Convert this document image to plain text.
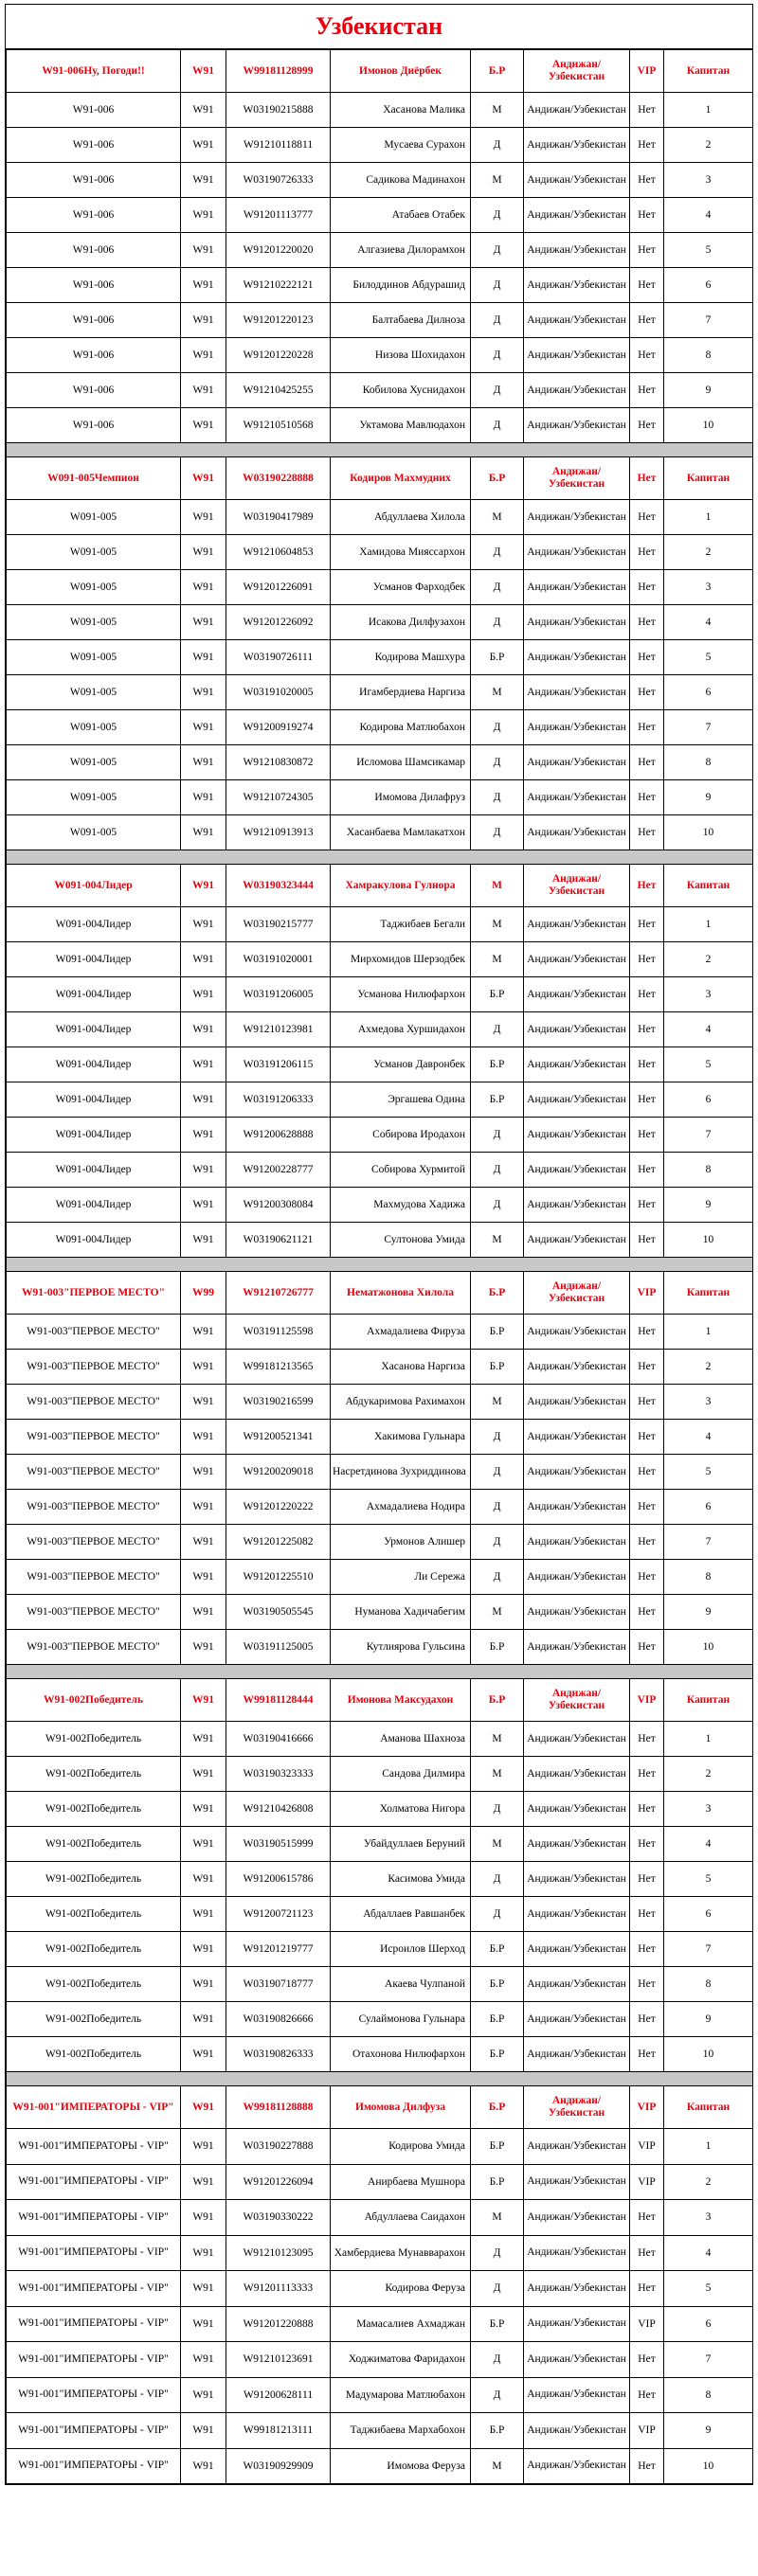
Узбекистан
W91-006Ну, Погоди!!	W91	W99181128999	Имонов Диёрбек	Б.Р	Андижан/Узбекистан	VIP	Капитан
W91-006	W91	W03190215888	Хасанова Малика	М	Андижан/Узбекистан	Нет	1
W91-006	W91	W91210118811	Мусаева Сурахон	Д	Андижан/Узбекистан	Нет	2
W91-006	W91	W03190726333	Садикова Мадинахон	М	Андижан/Узбекистан	Нет	3
W91-006	W91	W91201113777	Атабаев Отабек	Д	Андижан/Узбекистан	Нет	4
W91-006	W91	W91201220020	Алгазиева Дилорамхон	Д	Андижан/Узбекистан	Нет	5
W91-006	W91	W91210222121	Билоддинов Абдурашид	Д	Андижан/Узбекистан	Нет	6
W91-006	W91	W91201220123	Балтабаева Дилноза	Д	Андижан/Узбекистан	Нет	7
W91-006	W91	W91201220228	Низова Шохидахон	Д	Андижан/Узбекистан	Нет	8
W91-006	W91	W91210425255	Кобилова Хуснидахон	Д	Андижан/Узбекистан	Нет	9
W91-006	W91	W91210510568	Уктамова Мавлюдахон	Д	Андижан/Узбекистан	Нет	10

W091-005Чемпион	W91	W03190228888	Кодиров Махмудних	Б.Р	Андижан/Узбекистан	Нет	Капитан
W091-005	W91	W03190417989	Абдуллаева Хилола	М	Андижан/Узбекистан	Нет	1
W091-005	W91	W91210604853	Хамидова Мияссархон	Д	Андижан/Узбекистан	Нет	2
W091-005	W91	W91201226091	Усманов Фарходбек	Д	Андижан/Узбекистан	Нет	3
W091-005	W91	W91201226092	Исакова Дилфузахон	Д	Андижан/Узбекистан	Нет	4
W091-005	W91	W03190726111	Кодирова Машхура	Б.Р	Андижан/Узбекистан	Нет	5
W091-005	W91	W03191020005	Игамбердиева Наргиза	М	Андижан/Узбекистан	Нет	6
W091-005	W91	W91200919274	Кодирова Матлюбахон	Д	Андижан/Узбекистан	Нет	7
W091-005	W91	W91210830872	Исломова Шамсикамар	Д	Андижан/Узбекистан	Нет	8
W091-005	W91	W91210724305	Имомова Дилафруз	Д	Андижан/Узбекистан	Нет	9
W091-005	W91	W91210913913	Хасанбаева Мамлакатхон	Д	Андижан/Узбекистан	Нет	10

W091-004Лидер	W91	W03190323444	Хамракулова Гулнора	М	Андижан/Узбекистан	Нет	Капитан
W091-004Лидер	W91	W03190215777	Таджибаев Бегали	М	Андижан/Узбекистан	Нет	1
W091-004Лидер	W91	W03191020001	Мирхомидов Шерзодбек	М	Андижан/Узбекистан	Нет	2
W091-004Лидер	W91	W03191206005	Усманова Нилюфархон	Б.Р	Андижан/Узбекистан	Нет	3
W091-004Лидер	W91	W91210123981	Ахмедова Хуршидахон	Д	Андижан/Узбекистан	Нет	4
W091-004Лидер	W91	W03191206115	Усманов Давронбек	Б.Р	Андижан/Узбекистан	Нет	5
W091-004Лидер	W91	W03191206333	Эргашева Одина	Б.Р	Андижан/Узбекистан	Нет	6
W091-004Лидер	W91	W91200628888	Собирова Иродахон	Д	Андижан/Узбекистан	Нет	7
W091-004Лидер	W91	W91200228777	Собирова Хурмитой	Д	Андижан/Узбекистан	Нет	8
W091-004Лидер	W91	W91200308084	Махмудова Хадижа	Д	Андижан/Узбекистан	Нет	9
W091-004Лидер	W91	W03190621121	Султонова Умида	М	Андижан/Узбекистан	Нет	10

W91-003"ПЕРВОЕ МЕСТО"	W99	W91210726777	Нематжонова Хилола	Б.Р	Андижан/Узбекистан	VIP	Капитан
W91-003"ПЕРВОЕ МЕСТО"	W91	W03191125598	Ахмадалиева Фируза	Б.Р	Андижан/Узбекистан	Нет	1
W91-003"ПЕРВОЕ МЕСТО"	W91	W99181213565	Хасанова Наргиза	Б.Р	Андижан/Узбекистан	Нет	2
W91-003"ПЕРВОЕ МЕСТО"	W91	W03190216599	Абдукаримова Рахимахон	М	Андижан/Узбекистан	Нет	3
W91-003"ПЕРВОЕ МЕСТО"	W91	W91200521341	Хакимова Гульнара	Д	Андижан/Узбекистан	Нет	4
W91-003"ПЕРВОЕ МЕСТО"	W91	W91200209018	Насретдинова Зухриддинова	Д	Андижан/Узбекистан	Нет	5
W91-003"ПЕРВОЕ МЕСТО"	W91	W91201220222	Ахмадалиева Нодира	Д	Андижан/Узбекистан	Нет	6
W91-003"ПЕРВОЕ МЕСТО"	W91	W91201225082	Урмонов Алишер	Д	Андижан/Узбекистан	Нет	7
W91-003"ПЕРВОЕ МЕСТО"	W91	W91201225510	Ли Сережа	Д	Андижан/Узбекистан	Нет	8
W91-003"ПЕРВОЕ МЕСТО"	W91	W03190505545	Нуманова Хадичабегим	М	Андижан/Узбекистан	Нет	9
W91-003"ПЕРВОЕ МЕСТО"	W91	W03191125005	Кутлиярова Гульсина	Б.Р	Андижан/Узбекистан	Нет	10

W91-002Победитель	W91	W99181128444	Имонова Максудахон	Б.Р	Андижан/Узбекистан	VIP	Капитан
W91-002Победитель	W91	W03190416666	Аманова Шахноза	М	Андижан/Узбекистан	Нет	1
W91-002Победитель	W91	W03190323333	Сандова Дилмира	М	Андижан/Узбекистан	Нет	2
W91-002Победитель	W91	W91210426808	Холматова Нигора	Д	Андижан/Узбекистан	Нет	3
W91-002Победитель	W91	W03190515999	Убайдуллаев Беруний	М	Андижан/Узбекистан	Нет	4
W91-002Победитель	W91	W91200615786	Касимова Умида	Д	Андижан/Узбекистан	Нет	5
W91-002Победитель	W91	W91200721123	Абдаллаев Равшанбек	Д	Андижан/Узбекистан	Нет	6
W91-002Победитель	W91	W91201219777	Исроилов Шерход	Б.Р	Андижан/Узбекистан	Нет	7
W91-002Победитель	W91	W03190718777	Акаева Чулпаной	Б.Р	Андижан/Узбекистан	Нет	8
W91-002Победитель	W91	W03190826666	Сулаймонова Гульнара	Б.Р	Андижан/Узбекистан	Нет	9
W91-002Победитель	W91	W03190826333	Отахонова Нилюфархон	Б.Р	Андижан/Узбекистан	Нет	10

W91-001"ИМПЕРАТОРЫ - VIP"	W91	W99181128888	Имомова Дилфуза	Б.Р	Андижан/Узбекистан	VIP	Капитан
W91-001"ИМПЕРАТОРЫ - VIP"	W91	W03190227888	Кодирова Умида	Б.Р	Андижан/Узбекистан	VIP	1
W91-001"ИМПЕРАТОРЫ - VIP"	W91	W91201226094	Анирбаева Мушнора	Б.Р	Андижан/Узбекистан	VIP	2
W91-001"ИМПЕРАТОРЫ - VIP"	W91	W03190330222	Абдуллаева Саидахон	М	Андижан/Узбекистан	Нет	3
W91-001"ИМПЕРАТОРЫ - VIP"	W91	W91210123095	Хамбердиева Мунавварахон	Д	Андижан/Узбекистан	Нет	4
W91-001"ИМПЕРАТОРЫ - VIP"	W91	W91201113333	Кодирова Феруза	Д	Андижан/Узбекистан	Нет	5
W91-001"ИМПЕРАТОРЫ - VIP"	W91	W91201220888	Мамасалиев Ахмаджан	Б.Р	Андижан/Узбекистан	VIP	6
W91-001"ИМПЕРАТОРЫ - VIP"	W91	W91210123691	Ходжиматова Фаридахон	Д	Андижан/Узбекистан	Нет	7
W91-001"ИМПЕРАТОРЫ - VIP"	W91	W91200628111	Мадумарова Матлюбахон	Д	Андижан/Узбекистан	Нет	8
W91-001"ИМПЕРАТОРЫ - VIP"	W91	W99181213111	Таджибаева Мархабохон	Б.Р	Андижан/Узбекистан	VIP	9
W91-001"ИМПЕРАТОРЫ - VIP"	W91	W03190929909	Имомова Феруза	М	Андижан/Узбекистан	Нет	10
